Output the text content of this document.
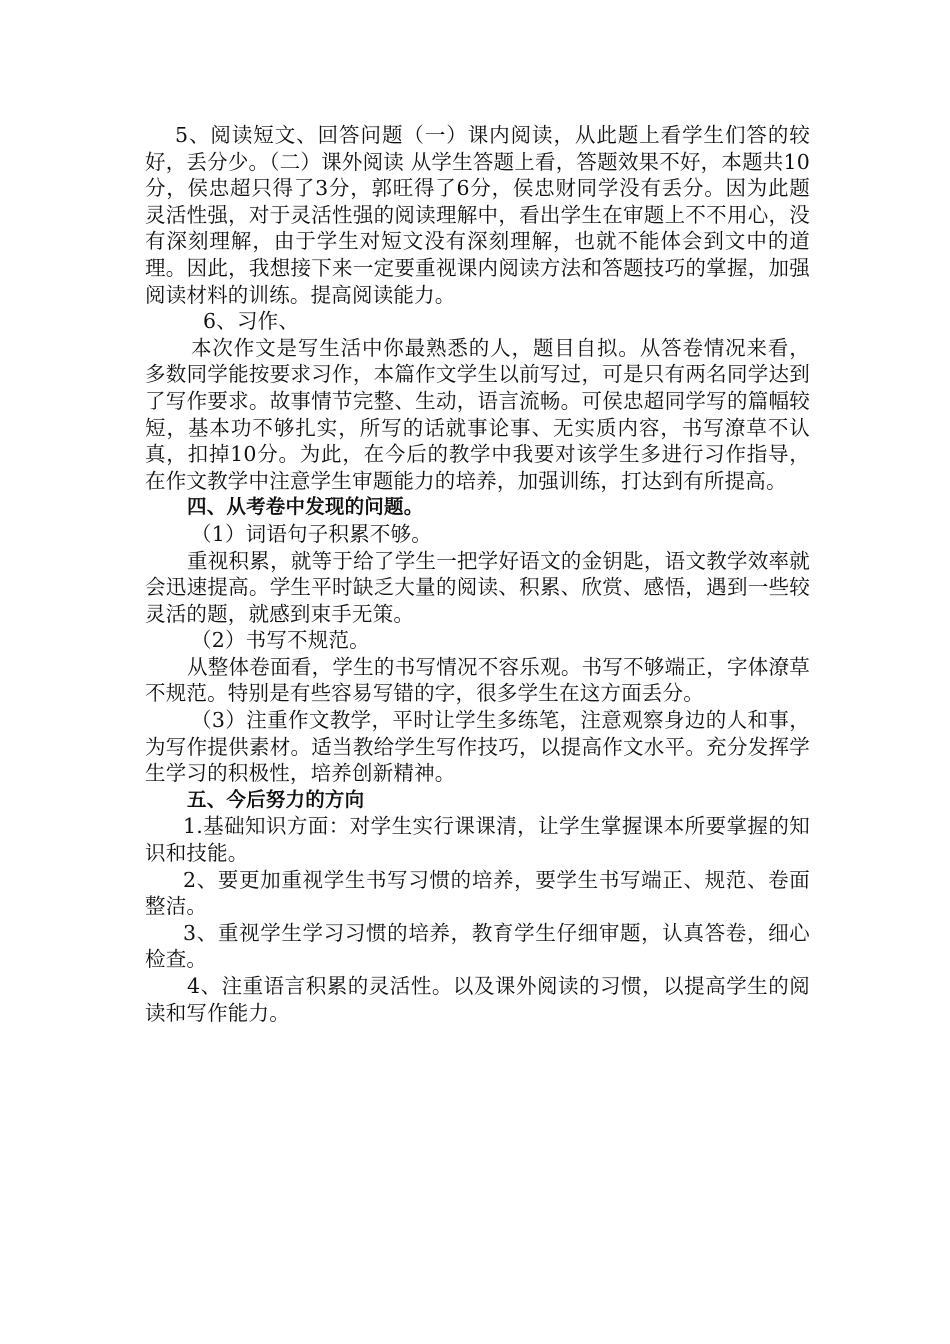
5、阅读短文、回答问题（一）课内阅读，从此题上看学生们答的较好，丢分少。（二）课外阅读 从学生答题上看，答题效果不好，本题共10分，侯忠超只得了3分，郭旺得了6分，侯忠财同学没有丢分。因为此题灵活性强，对于灵活性强的阅读理解中，看出学生在审题上不不用心，没有深刻理解，由于学生对短文没有深刻理解，也就不能体会到文中的道理。因此，我想接下来一定要重视课内阅读方法和答题技巧的掌握，加强阅读材料的训练。提高阅读能力。

6、习作、

本次作文是写生活中你最熟悉的人，题目自拟。从答卷情况来看，多数同学能按要求习作，本篇作文学生以前写过，可是只有两名同学达到了写作要求。故事情节完整、生动，语言流畅。可侯忠超同学写的篇幅较短，基本功不够扎实，所写的话就事论事、无实质内容，书写潦草不认真，扣掉10分。为此，在今后的教学中我要对该学生多进行习作指导，在作文教学中注意学生审题能力的培养，加强训练，打达到有所提高。

四、从考卷中发现的问题。

（1）词语句子积累不够。

重视积累，就等于给了学生一把学好语文的金钥匙，语文教学效率就会迅速提高。学生平时缺乏大量的阅读、积累、欣赏、感悟，遇到一些较灵活的题，就感到束手无策。

（2）书写不规范。

从整体卷面看，学生的书写情况不容乐观。书写不够端正，字体潦草不规范。特别是有些容易写错的字，很多学生在这方面丢分。

（3）注重作文教学，平时让学生多练笔，注意观察身边的人和事，为写作提供素材。适当教给学生写作技巧，以提高作文水平。充分发挥学生学习的积极性，培养创新精神。

五、今后努力的方向

1.基础知识方面：对学生实行课课清，让学生掌握课本所要掌握的知识和技能。

2、要更加重视学生书写习惯的培养，要学生书写端正、规范、卷面整洁。

3、重视学生学习习惯的培养，教育学生仔细审题，认真答卷，细心检查。

4、注重语言积累的灵活性。以及课外阅读的习惯，以提高学生的阅读和写作能力。
